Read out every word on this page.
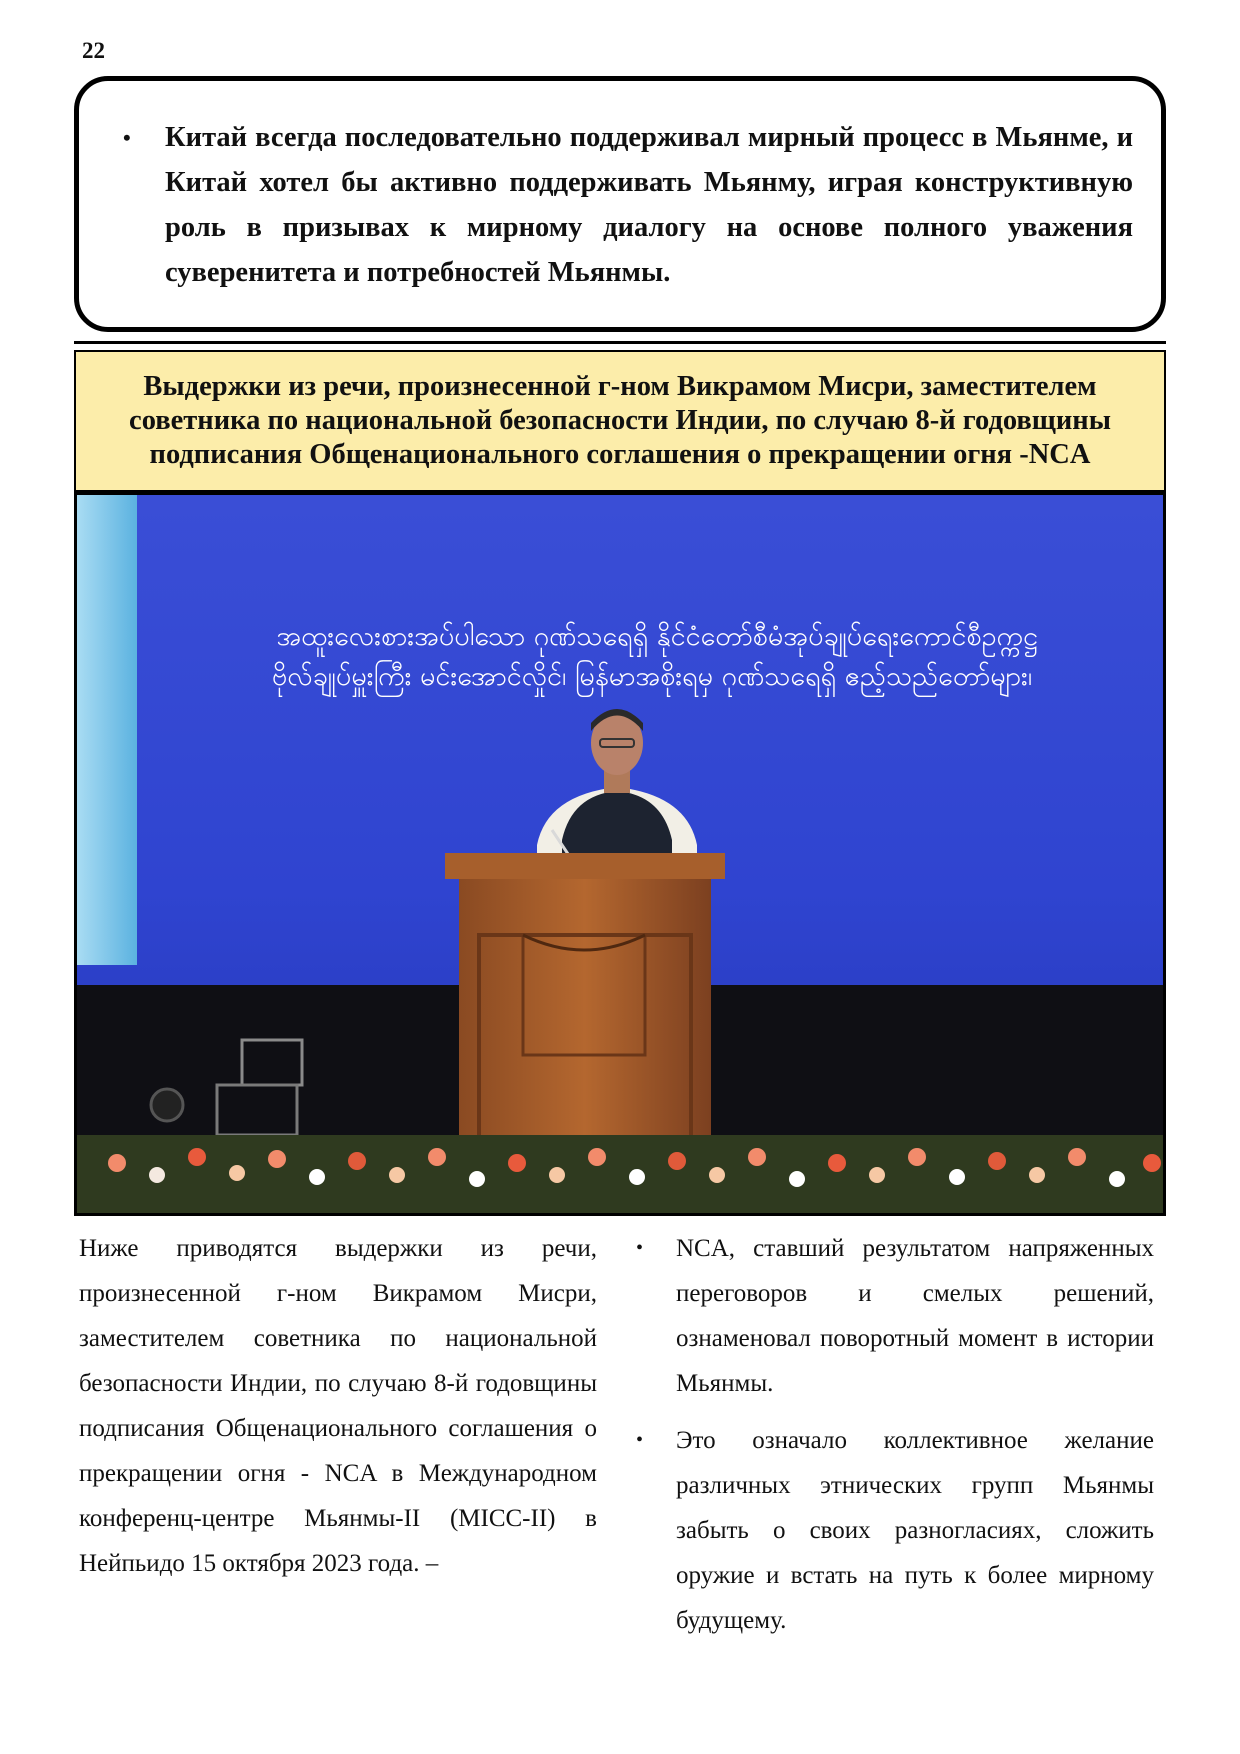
22
• Китай всегда последовательно поддерживал мирный процесс в Мьянме, и Китай хотел бы активно поддерживать Мьянму, играя конструктивную роль в призывах к мирному диалогу на основе полного уважения суверенитета и потребностей Мьянмы.
Выдержки из речи, произнесенной г-ном Викрамом Мисри, заместителем советника по национальной безопасности Индии, по случаю 8-й годовщины подписания Общенационального соглашения о прекращении огня -NCA
အထူးလေးစားအပ်ပါသော ဂုဏ်သရေရှိ နိုင်ငံတော်စီမံအုပ်ချုပ်ရေးကောင်စီဥက္ကဋ္ဌ
ဗိုလ်ချုပ်မှူးကြီး မင်းအောင်လှိုင်၊ မြန်မာအစိုးရမှ ဂုဏ်သရေရှိ ဧည့်သည်တော်များ၊
Ниже приводятся выдержки из речи, произнесенной г-ном Викрамом Мисри, заместителем советника по национальной безопасности Индии, по случаю 8-й годовщины подписания Общенационального соглашения о прекращении огня - NCA в Международном конференц-центре Мьянмы-II (MICC-II) в Нейпьидо 15 октября 2023 года. –
• NCA, ставший результатом напряженных переговоров и смелых решений, ознаменовал поворотный момент в истории Мьянмы.
• Это означало коллективное желание различных этнических групп Мьянмы забыть о своих разногласиях, сложить оружие и встать на путь к более мирному будущему.
